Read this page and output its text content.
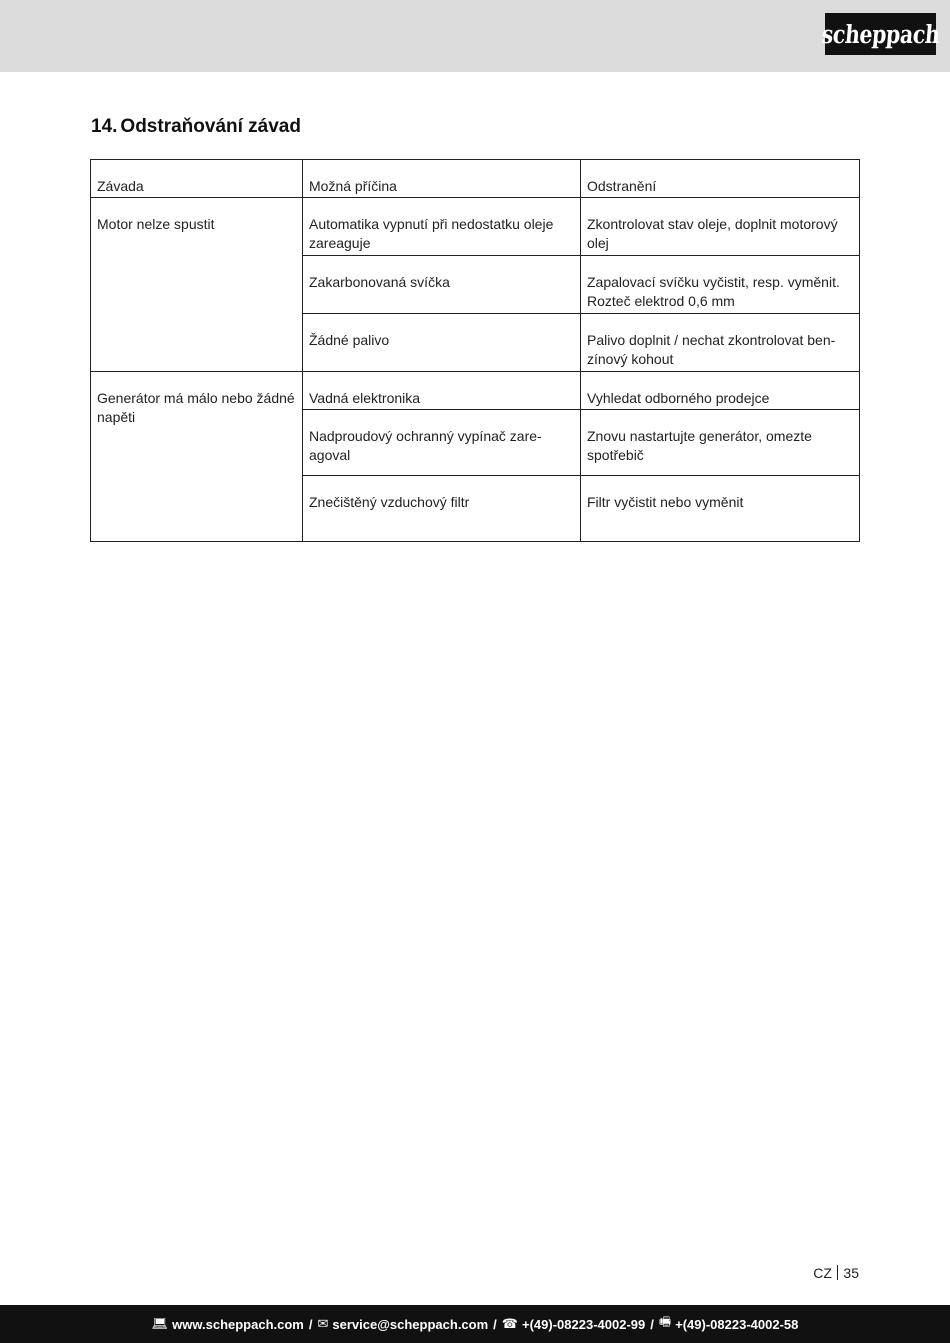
scheppach
14. Odstraňování závad
Závada	Možná příčina	Odstranění
Motor nelze spustit	Automatika vypnutí při nedostatku oleje zareaguje	Zkontrolovat stav oleje, doplnit motorový olej
	Zakarbonovaná svíčka	Zapalovací svíčku vyčistit, resp. vyměnit. Rozteč elektrod 0,6 mm
	Žádné palivo	Palivo doplnit / nechat zkontrolovat ben-zínový kohout
Generátor má málo nebo žádné napěti	Vadná elektronika	Vyhledat odborného prodejce
	Nadproudový ochranný vypínač zare-agoval	Znovu nastartujte generátor, omezte spotřebič
	Znečištěný vzduchový filtr	Filtr vyčistit nebo vyměnit
CZ 35
💻︎ www.scheppach.com / ✉︎ service@scheppach.com / ☎︎ +(49)-08223-4002-99 / 🖷︎ +(49)-08223-4002-58
